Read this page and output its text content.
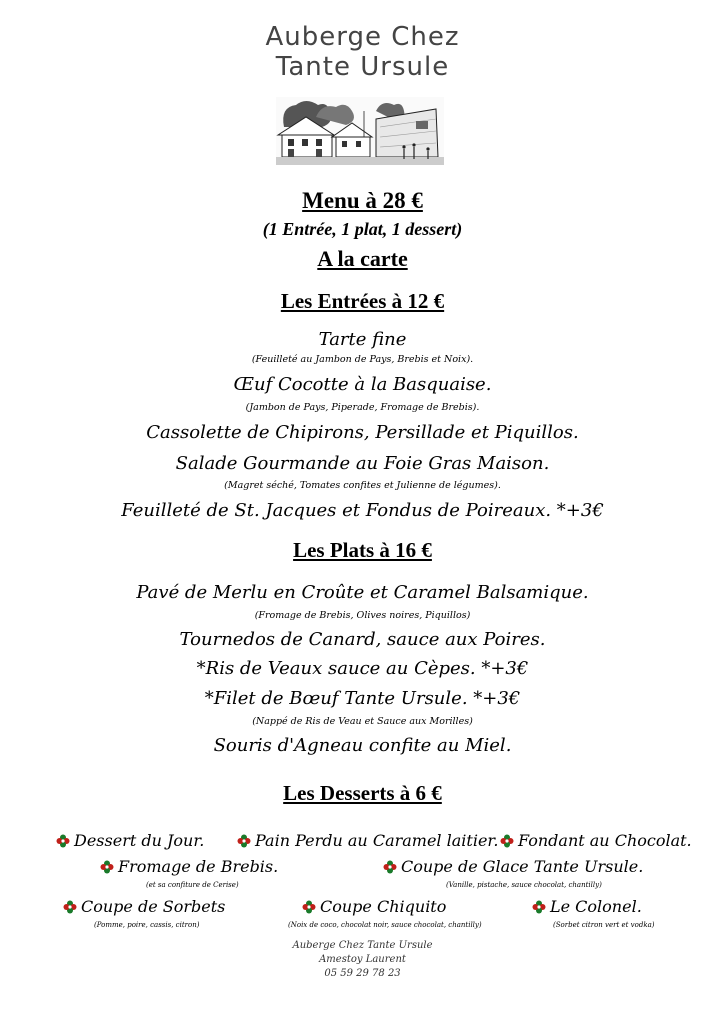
Auberge Chez
Tante Ursule
Menu à 28 €
(1 Entrée, 1 plat, 1 dessert)
A la carte
Les Entrées à 12 €
Tarte fine
(Feuilleté au Jambon de Pays, Brebis et Noix).
Œuf Cocotte à la Basquaise.
(Jambon de Pays, Piperade, Fromage de Brebis).
Cassolette de Chipirons, Persillade et Piquillos.
Salade Gourmande au Foie Gras Maison.
(Magret séché, Tomates confites et Julienne de légumes).
Feuilleté de St. Jacques et Fondus de Poireaux. *+3€
Les Plats à 16 €
Pavé de Merlu en Croûte et Caramel Balsamique.
(Fromage de Brebis, Olives noires, Piquillos)
Tournedos de Canard, sauce aux Poires.
*Ris de Veaux sauce au Cèpes. *+3€
*Filet de Bœuf Tante Ursule. *+3€
(Nappé de Ris de Veau et Sauce aux Morilles)
Souris d'Agneau confite au Miel.
Les Desserts à 6 €
Dessert du Jour.	Pain Perdu au Caramel laitier. Fondant au Chocolat.
Fromage de Brebis.
(et sa confiture de Cerise)
Coupe de Glace Tante Ursule.
(Vanille, pistache, sauce chocolat, chantilly)
Coupe de Sorbets
(Pomme, poire, cassis, citron)
Coupe Chiquito
(Noix de coco, chocolat noir, sauce chocolat, chantilly)
Le Colonel.
(Sorbet citron vert et vodka)
Auberge Chez Tante Ursule
Amestoy Laurent
05 59 29 78 23
